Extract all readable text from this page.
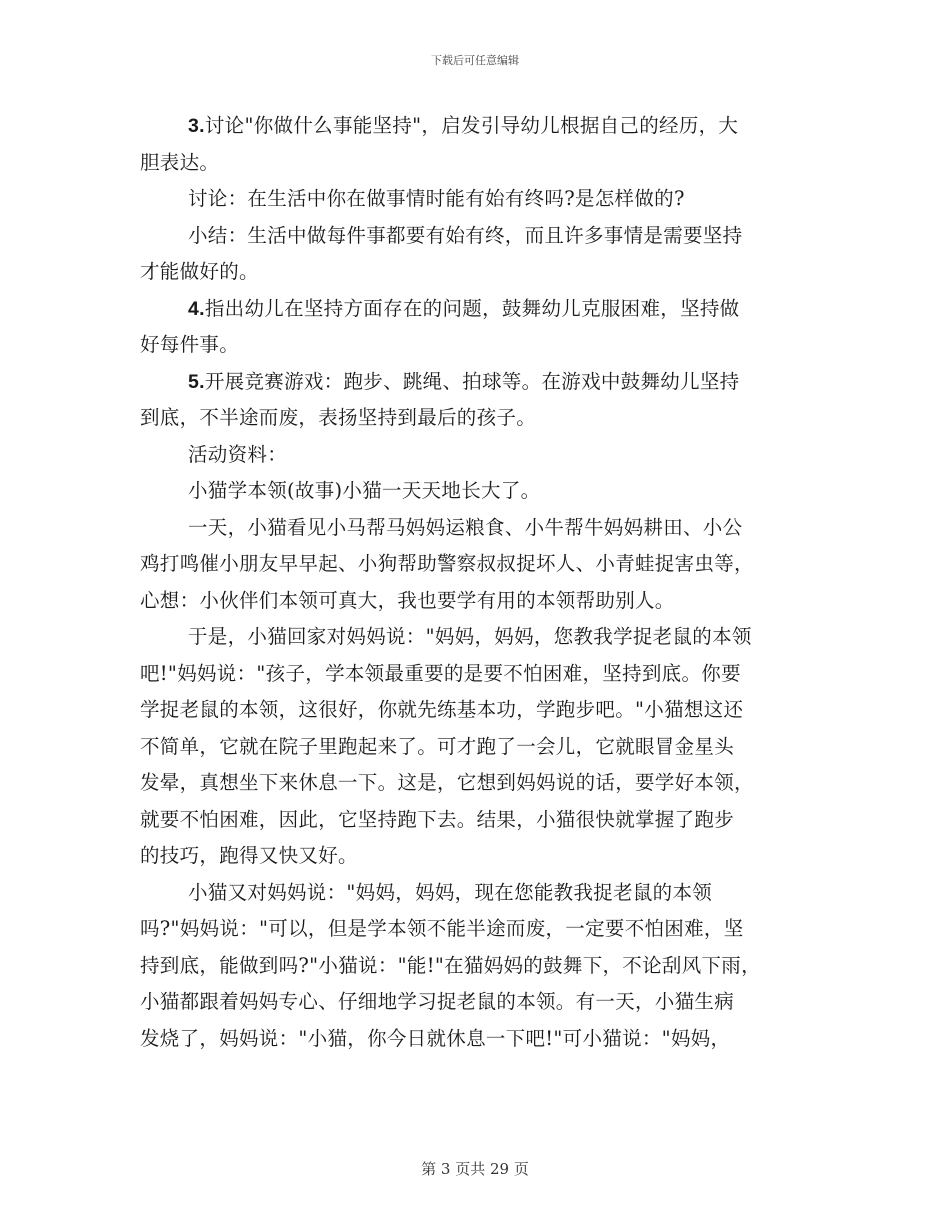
下载后可任意编辑
3.讨论"你做什么事能坚持"，启发引导幼儿根据自己的经历，大
胆表达。
讨论：在生活中你在做事情时能有始有终吗?是怎样做的?
小结：生活中做每件事都要有始有终，而且许多事情是需要坚持
才能做好的。
4.指出幼儿在坚持方面存在的问题，鼓舞幼儿克服困难，坚持做
好每件事。
5.开展竞赛游戏：跑步、跳绳、拍球等。在游戏中鼓舞幼儿坚持
到底，不半途而废，表扬坚持到最后的孩子。
活动资料：
小猫学本领(故事)小猫一天天地长大了。
一天，小猫看见小马帮马妈妈运粮食、小牛帮牛妈妈耕田、小公
鸡打鸣催小朋友早早起、小狗帮助警察叔叔捉坏人、小青蛙捉害虫等，
心想：小伙伴们本领可真大，我也要学有用的本领帮助别人。
于是，小猫回家对妈妈说："妈妈，妈妈，您教我学捉老鼠的本领
吧!"妈妈说："孩子，学本领最重要的是要不怕困难，坚持到底。你要
学捉老鼠的本领，这很好，你就先练基本功，学跑步吧。"小猫想这还
不简单，它就在院子里跑起来了。可才跑了一会儿，它就眼冒金星头
发晕，真想坐下来休息一下。这是，它想到妈妈说的话，要学好本领，
就要不怕困难，因此，它坚持跑下去。结果，小猫很快就掌握了跑步
的技巧，跑得又快又好。
小猫又对妈妈说："妈妈，妈妈，现在您能教我捉老鼠的本领
吗?"妈妈说："可以，但是学本领不能半途而废，一定要不怕困难，坚
持到底，能做到吗?"小猫说："能!"在猫妈妈的鼓舞下，不论刮风下雨，
小猫都跟着妈妈专心、仔细地学习捉老鼠的本领。有一天，小猫生病
发烧了，妈妈说："小猫，你今日就休息一下吧!"可小猫说："妈妈，
第 3 页共 29 页
